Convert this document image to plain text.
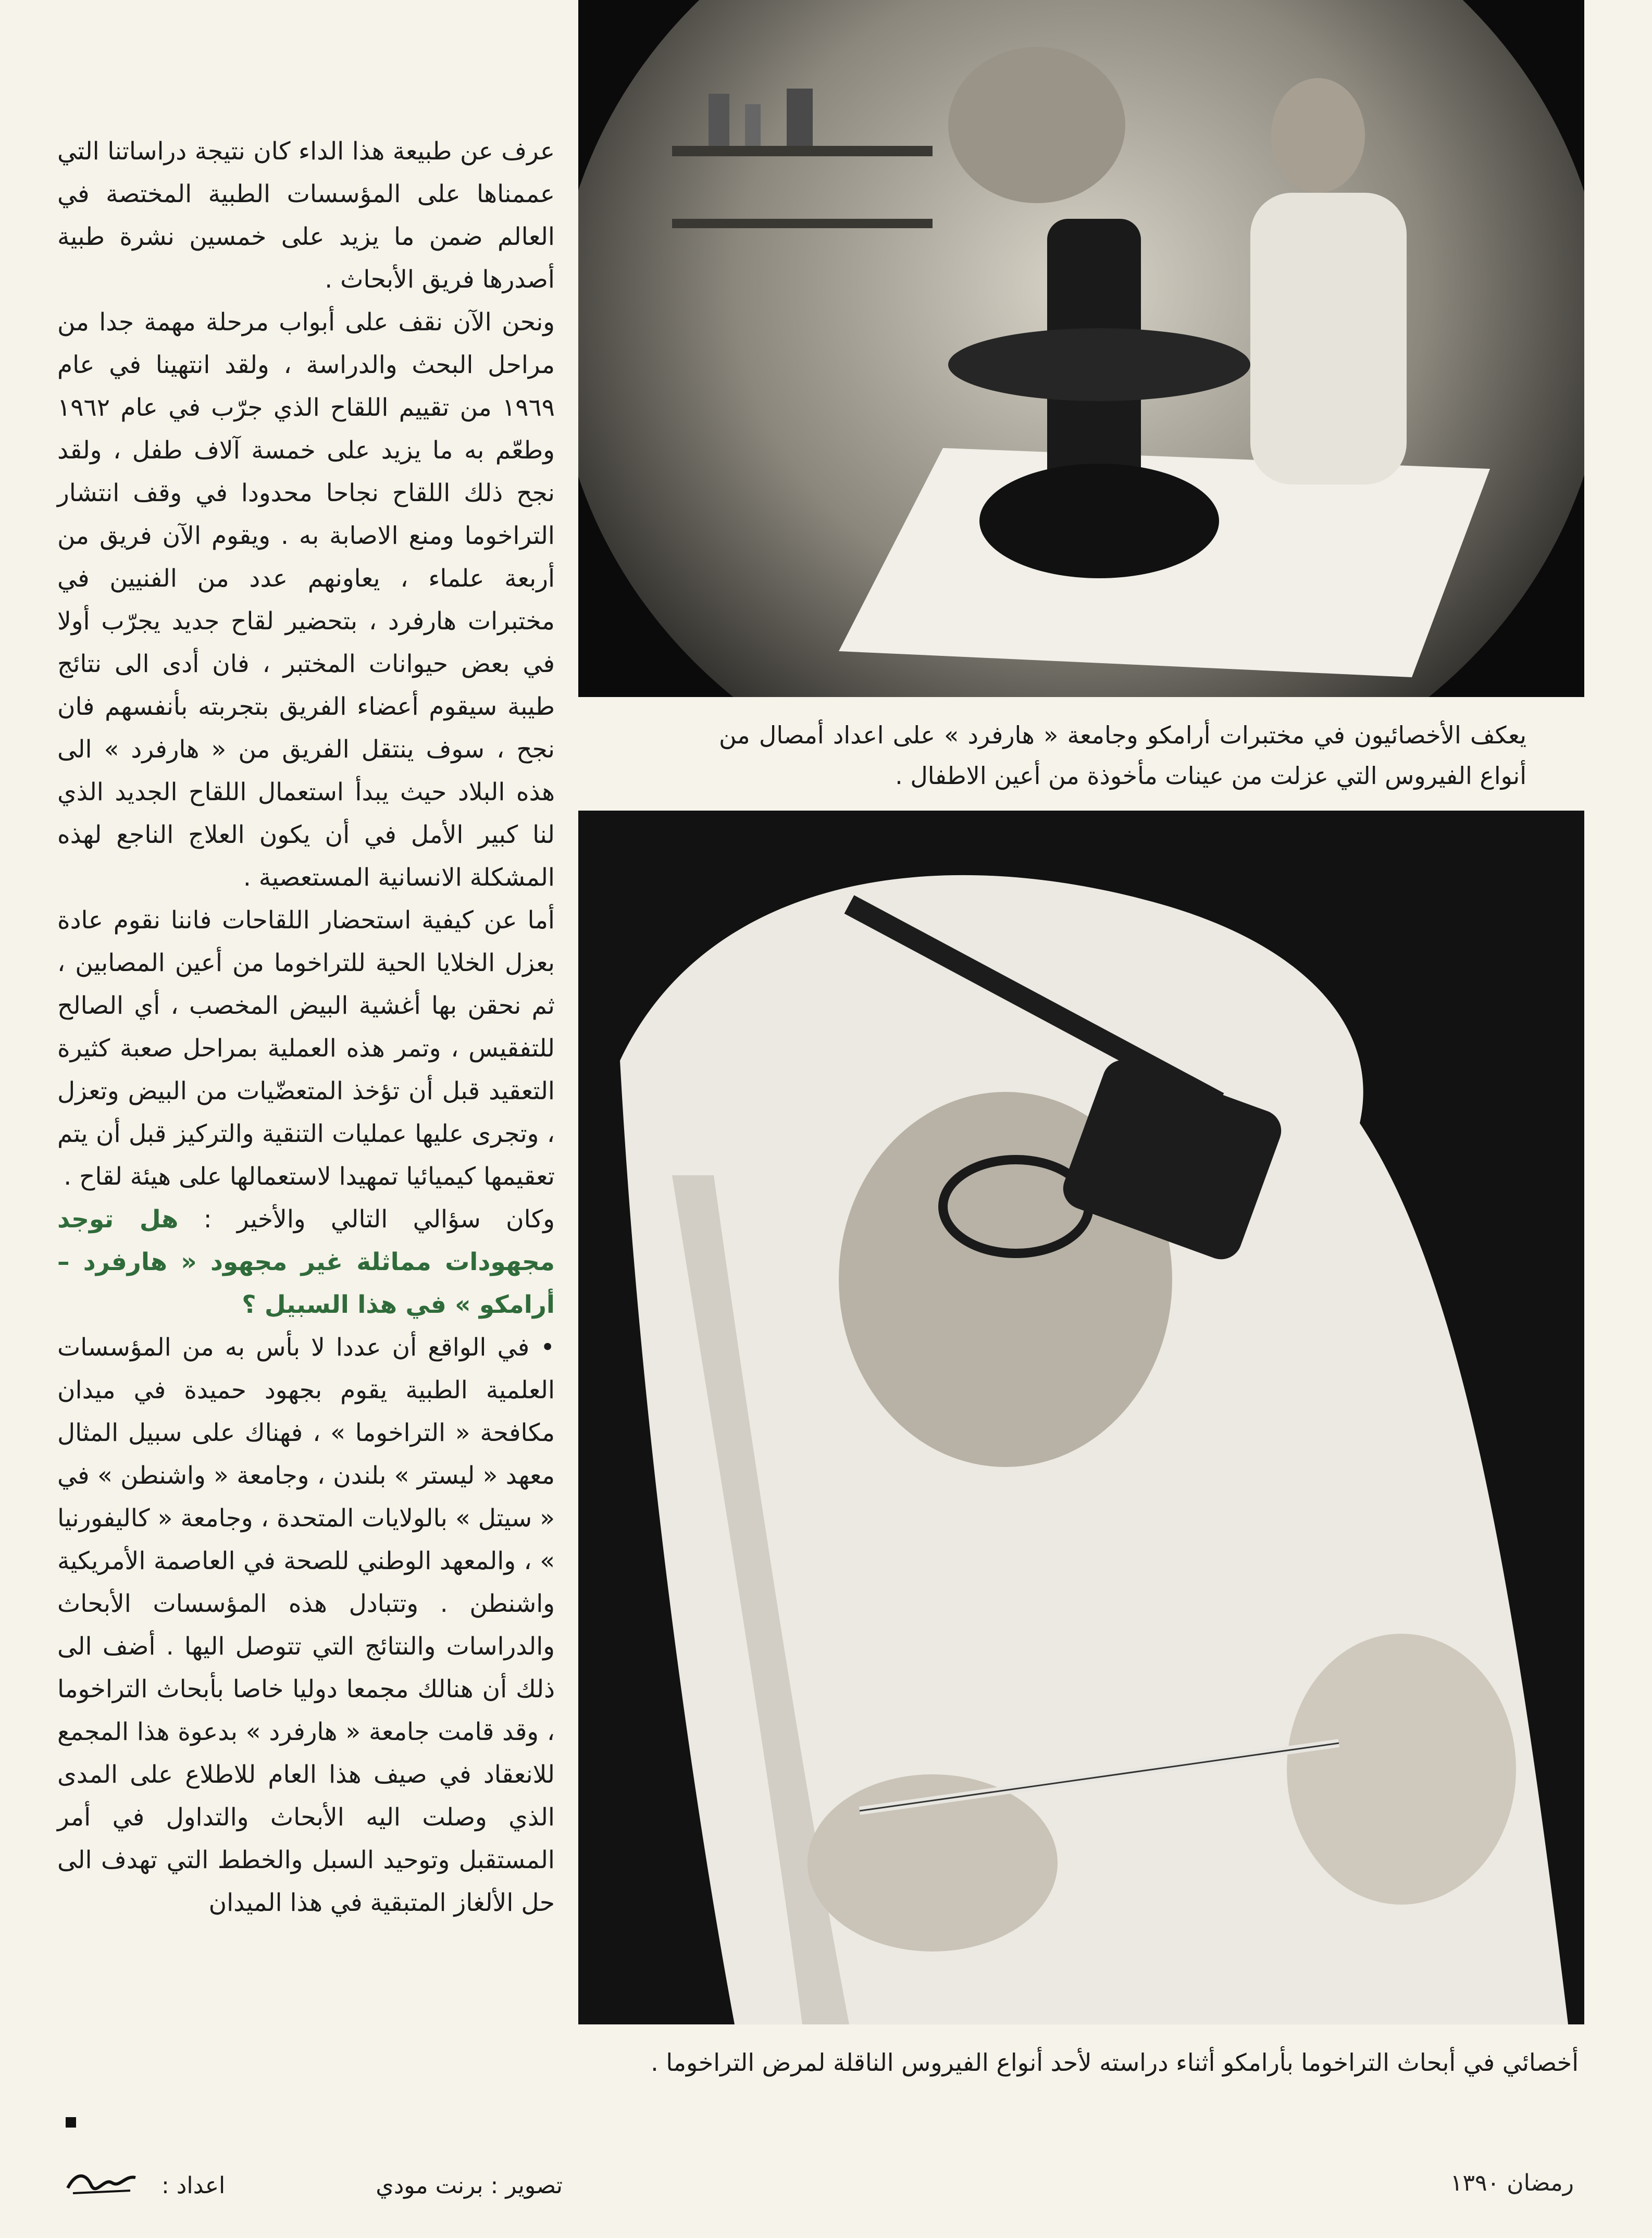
يعكف الأخصائيون في مختبرات أرامكو وجامعة « هارفرد » على اعداد أمصال من أنواع الفيروس التي عزلت من عينات مأخوذة من أعين الاطفال .
أخصائي في أبحاث التراخوما بأرامكو أثناء دراسته لأحد أنواع الفيروس الناقلة لمرض التراخوما .

عرف عن طبيعة هذا الداء كان نتيجة دراساتنا التي عممناها على المؤسسات الطبية المختصة في العالم ضمن ما يزيد على خمسين نشرة طبية أصدرها فريق الأبحاث .

ونحن الآن نقف على أبواب مرحلة مهمة جدا من مراحل البحث والدراسة ، ولقد انتهينا في عام ١٩٦٩ من تقييم اللقاح الذي جرّب في عام ١٩٦٢ وطعّم به ما يزيد على خمسة آلاف طفل ، ولقد نجح ذلك اللقاح نجاحا محدودا في وقف انتشار التراخوما ومنع الاصابة به . ويقوم الآن فريق من أربعة علماء ، يعاونهم عدد من الفنيين في مختبرات هارفرد ، بتحضير لقاح جديد يجرّب أولا في بعض حيوانات المختبر ، فان أدى الى نتائج طيبة سيقوم أعضاء الفريق بتجربته بأنفسهم فان نجح ، سوف ينتقل الفريق من « هارفرد » الى هذه البلاد حيث يبدأ استعمال اللقاح الجديد الذي لنا كبير الأمل في أن يكون العلاج الناجع لهذه المشكلة الانسانية المستعصية .

أما عن كيفية استحضار اللقاحات فاننا نقوم عادة بعزل الخلايا الحية للتراخوما من أعين المصابين ، ثم نحقن بها أغشية البيض المخصب ، أي الصالح للتفقيس ، وتمر هذه العملية بمراحل صعبة كثيرة التعقيد قبل أن تؤخذ المتعضّيات من البيض وتعزل ، وتجرى عليها عمليات التنقية والتركيز قبل أن يتم تعقيمها كيميائيا تمهيدا لاستعمالها على هيئة لقاح .

وكان سؤالي التالي والأخير : هل توجد مجهودات مماثلة غير مجهود « هارفرد – أرامكو » في هذا السبيل ؟

• في الواقع أن عددا لا بأس به من المؤسسات العلمية الطبية يقوم بجهود حميدة في ميدان مكافحة « التراخوما » ، فهناك على سبيل المثال معهد « ليستر » بلندن ، وجامعة « واشنطن » في « سيتل » بالولايات المتحدة ، وجامعة « كاليفورنيا » ، والمعهد الوطني للصحة في العاصمة الأمريكية واشنطن . وتتبادل هذه المؤسسات الأبحاث والدراسات والنتائج التي تتوصل اليها . أضف الى ذلك أن هنالك مجمعا دوليا خاصا بأبحاث التراخوما ، وقد قامت جامعة « هارفرد » بدعوة هذا المجمع للانعقاد في صيف هذا العام للاطلاع على المدى الذي وصلت اليه الأبحاث والتداول في أمر المستقبل وتوحيد السبل والخطط التي تهدف الى حل الألغاز المتبقية في هذا الميدان

تصوير : برنت مودي
اعداد :	رمضان ١٣٩٠
